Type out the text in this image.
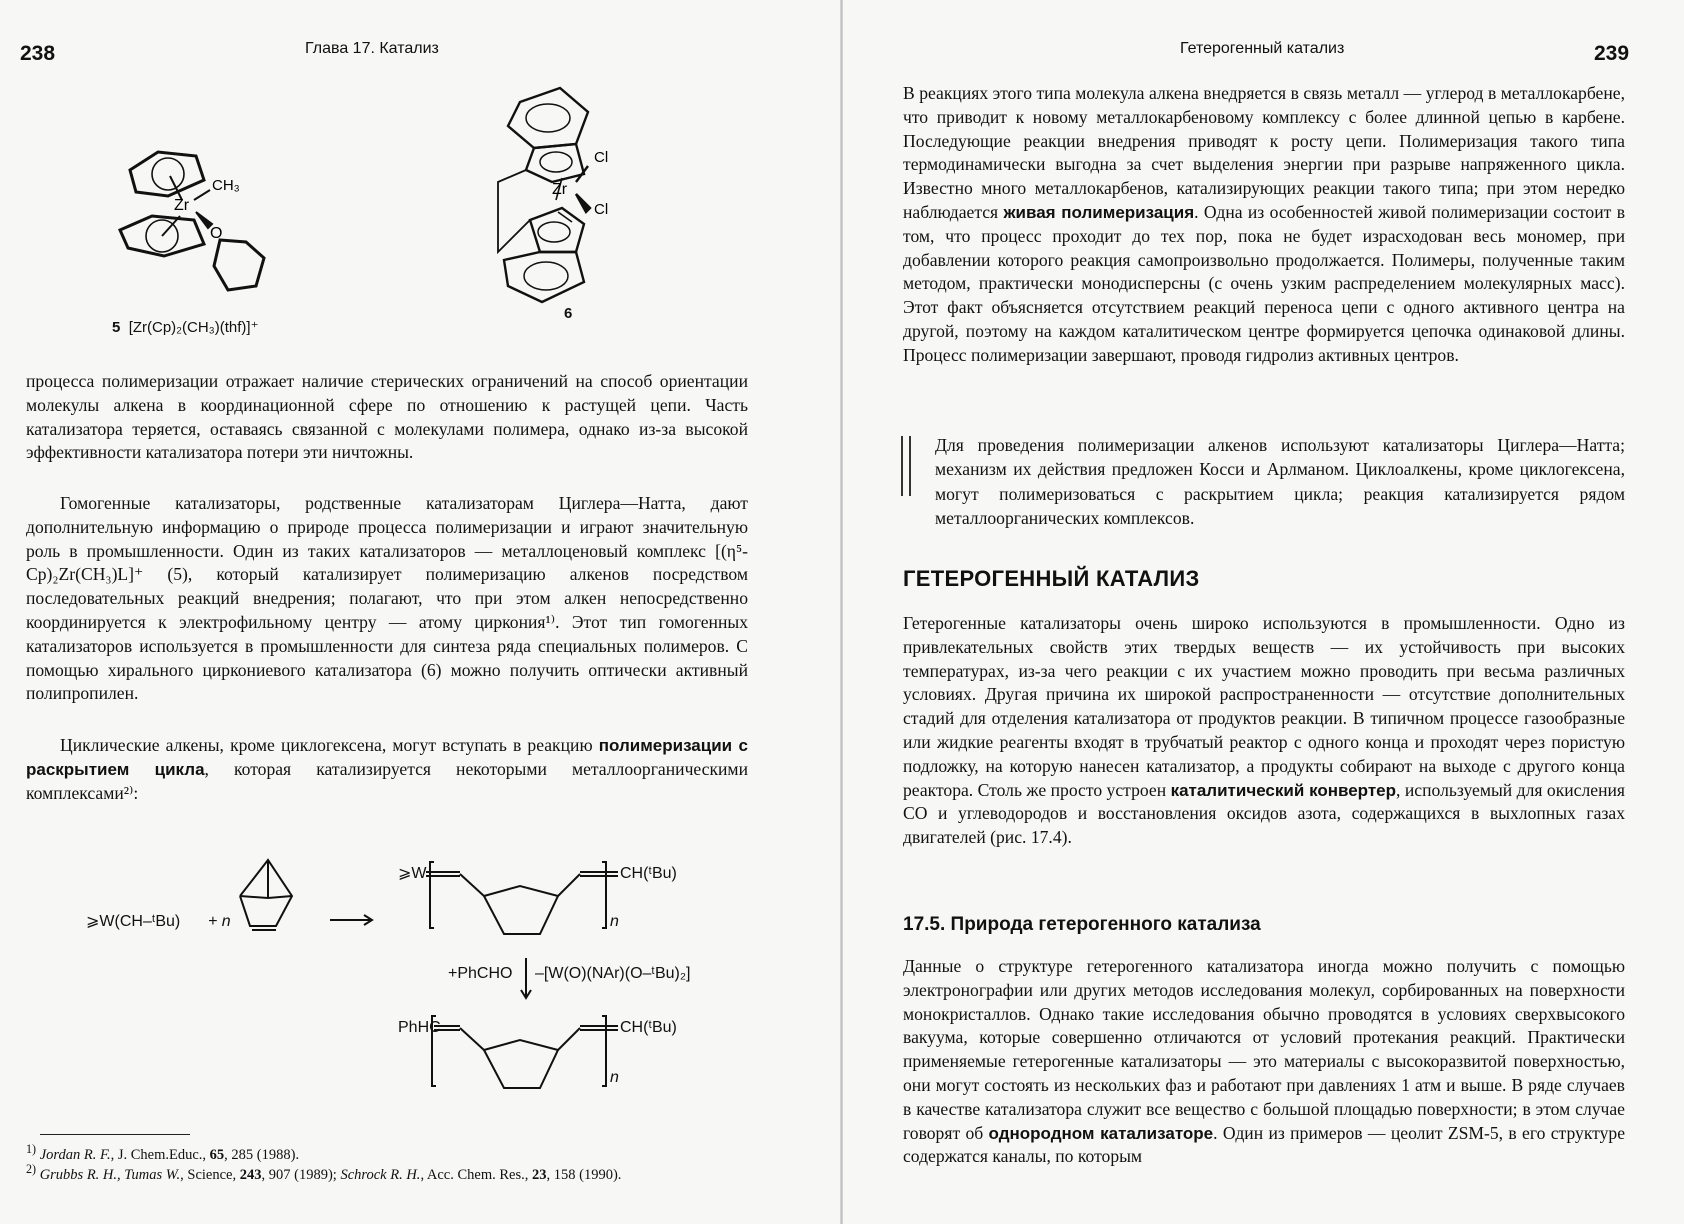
238	Глава 17. Катализ
Zr
CH₃
O
5 [Zr(Cp)₂(CH₃)(thf)]⁺
Zr
Cl
Cl
6

процесса полимеризации отражает наличие стерических ограничений на способ ориентации молекулы алкена в координационной сфере по отношению к растущей цепи. Часть катализатора теряется, оставаясь связанной с молекулами полимера, однако из-за высокой эффективности катализатора потери эти ничтожны.

Гомогенные катализаторы, родственные катализаторам Циглера—Натта, дают дополнительную информацию о природе процесса полимеризации и играют значительную роль в промышленности. Один из таких катализаторов — металлоценовый комплекс [(η⁵-Cp)₂Zr(CH₃)L]⁺ (5), который катализирует полимеризацию алкенов посредством последовательных реакций внедрения; полагают, что при этом алкен непосредственно координируется к электрофильному центру — атому циркония¹⁾. Этот тип гомогенных катализаторов используется в промышленности для синтеза ряда специальных полимеров. С помощью хирального циркониевого катализатора (6) можно получить оптически активный полипропилен.

Циклические алкены, кроме циклогексена, могут вступать в реакцию полимеризации с раскрытием цикла, которая катализируется некоторыми металлоорганическими комплексами²⁾:

⩾W(CH–ᵗBu) + n
⩾W	CH(ᵗBu)
n
+PhCHO –[W(O)(NAr)(O–ᵗBu)₂]
PhHC	CH(ᵗBu)
n
$^{1)}$ Jordan R. F., J. Chem.Educ., 65, 285 (1988).
$^{2)}$ Grubbs R. H., Tumas W., Science, 243, 907 (1989); Schrock R. H., Acc. Chem. Res., 23, 158 (1990).
Гетерогенный катализ	239

В реакциях этого типа молекула алкена внедряется в связь металл — углерод в металлокарбене, что приводит к новому металлокарбеновому комплексу с более длинной цепью в карбене. Последующие реакции внедрения приводят к росту цепи. Полимеризация такого типа термодинамически выгодна за счет выделения энергии при разрыве напряженного цикла. Известно много металлокарбенов, катализирующих реакции такого типа; при этом нередко наблюдается живая полимеризация. Одна из особенностей живой полимеризации состоит в том, что процесс проходит до тех пор, пока не будет израсходован весь мономер, при добавлении которого реакция самопроизвольно продолжается. Полимеры, полученные таким методом, практически монодисперсны (с очень узким распределением молекулярных масс). Этот факт объясняется отсутствием реакций переноса цепи с одного активного центра на другой, поэтому на каждом каталитическом центре формируется цепочка одинаковой длины. Процесс полимеризации завершают, проводя гидролиз активных центров.

Для проведения полимеризации алкенов используют катализаторы Циглера—Натта; механизм их действия предложен Косси и Арлманом. Циклоалкены, кроме циклогексена, могут полимеризоваться с раскрытием цикла; реакция катализируется рядом металлоорганических комплексов.

ГЕТЕРОГЕННЫЙ КАТАЛИЗ

Гетерогенные катализаторы очень широко используются в промышленности. Одно из привлекательных свойств этих твердых веществ — их устойчивость при высоких температурах, из-за чего реакции с их участием можно проводить при весьма различных условиях. Другая причина их широкой распространенности — отсутствие дополнительных стадий для отделения катализатора от продуктов реакции. В типичном процессе газообразные или жидкие реагенты входят в трубчатый реактор с одного конца и проходят через пористую подложку, на которую нанесен катализатор, а продукты собирают на выходе с другого конца реактора. Столь же просто устроен каталитический конвертер, используемый для окисления CO и углеводородов и восстановления оксидов азота, содержащихся в выхлопных газах двигателей (рис. 17.4).

17.5. Природа гетерогенного катализа

Данные о структуре гетерогенного катализатора иногда можно получить с помощью электронографии или других методов исследования молекул, сорбированных на поверхности монокристаллов. Однако такие исследования обычно проводятся в условиях сверхвысокого вакуума, которые совершенно отличаются от условий протекания реакций. Практически применяемые гетерогенные катализаторы — это материалы с высокоразвитой поверхностью, они могут состоять из нескольких фаз и работают при давлениях 1 атм и выше. В ряде случаев в качестве катализатора служит все вещество с большой площадью поверхности; в этом случае говорят об однородном катализаторе. Один из примеров — цеолит ZSM-5, в его структуре содержатся каналы, по которым
